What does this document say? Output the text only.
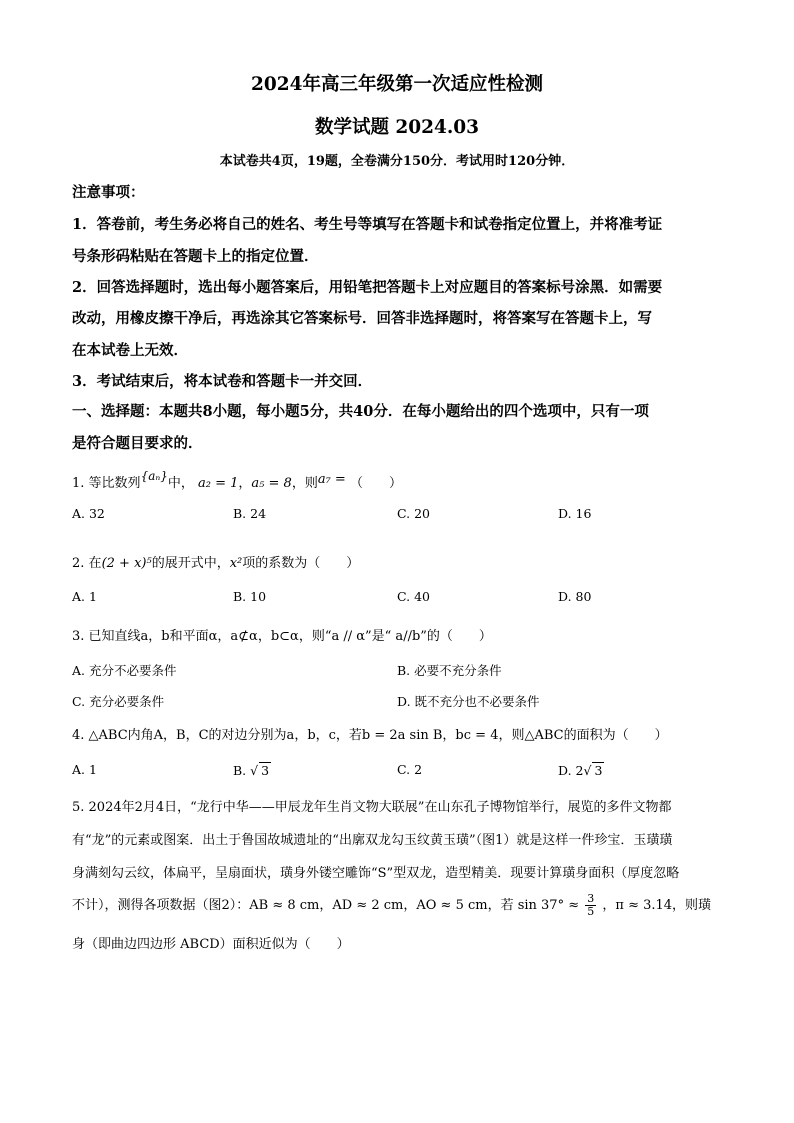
2024年高三年级第一次适应性检测
数学试题 2024.03
本试卷共4页，19题，全卷满分150分．考试用时120分钟．
注意事项：
1．答卷前，考生务必将自己的姓名、考生号等填写在答题卡和试卷指定位置上，并将准考证
号条形码粘贴在答题卡上的指定位置．
2．回答选择题时，选出每小题答案后，用铅笔把答题卡上对应题目的答案标号涂黑．如需要
改动，用橡皮擦干净后，再选涂其它答案标号．回答非选择题时，将答案写在答题卡上，写
在本试卷上无效．
3．考试结束后，将本试卷和答题卡一并交回．
一、选择题：本题共8小题，每小题5分，共40分．在每小题给出的四个选项中，只有一项
是符合题目要求的．
1. 等比数列{aₙ}中， a₂ = 1，a₅ = 8，则a₇ = （　　）
A. 32	B. 24	C. 20	D. 16
2. 在(2 + x)⁵的展开式中，x²项的系数为（　　）
A. 1	B. 10	C. 40	D. 80
3. 已知直线a，b和平面α，a⊄α，b⊂α，则“a // α”是“ a//b”的（　　）
A. 充分不必要条件	B. 必要不充分条件
C. 充分必要条件	D. 既不充分也不必要条件
4. △ABC内角A，B，C的对边分别为a，b，c，若b = 2a sin B，bc = 4，则△ABC的面积为（　　）
A. 1	B. √ 3	C. 2	D. 2√ 3
5. 2024年2月4日，“龙行中华——甲辰龙年生肖文物大联展”在山东孔子博物馆举行，展览的多件文物都
有“龙”的元素或图案．出土于鲁国故城遗址的“出廓双龙勾玉纹黄玉璜”（图1）就是这样一件珍宝．玉璜璜
身满刻勾云纹，体扁平，呈扇面状，璜身外镂空雕饰“S”型双龙，造型精美．现要计算璜身面积（厚度忽略
不计），测得各项数据（图2）：AB ≈ 8 cm，AD ≈ 2 cm，AO ≈ 5 cm，若 $\sin 37^\circ \approx \frac{3}{5}$ ，π ≈ 3.14，则璜
身（即曲边四边形 ABCD）面积近似为（　　）
